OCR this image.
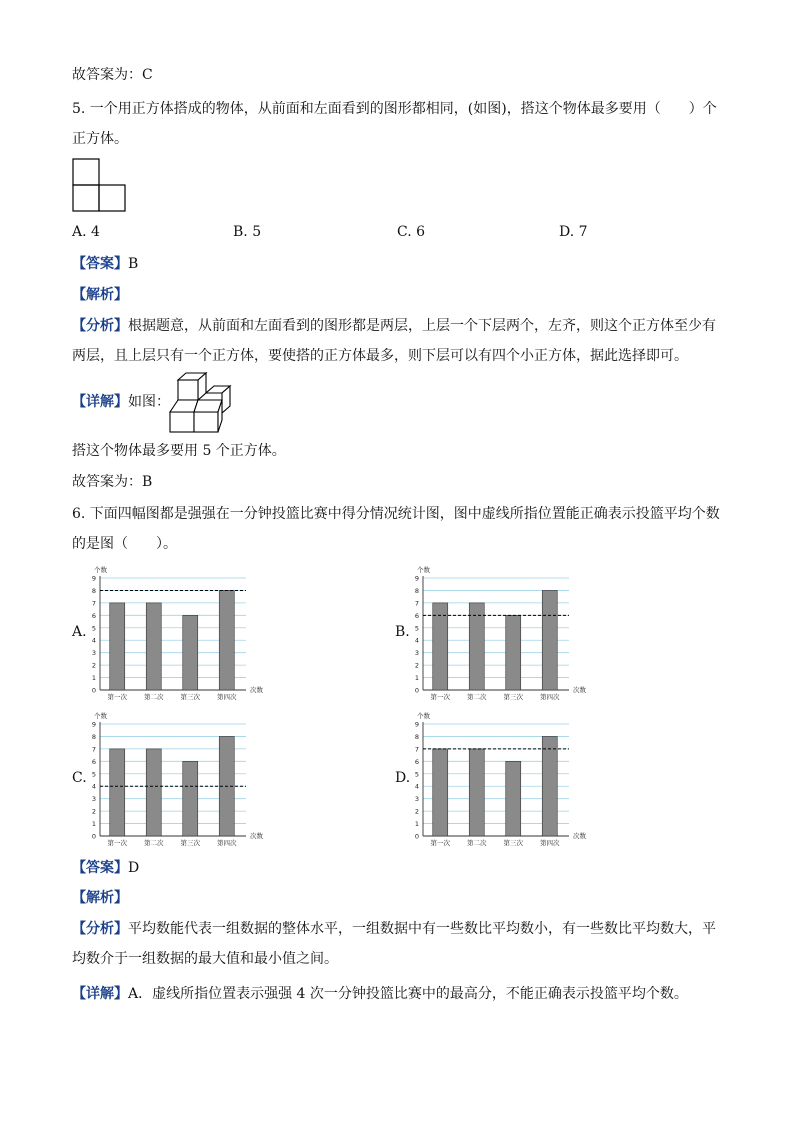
故答案为：C
5. 一个用正方体搭成的物体，从前面和左面看到的图形都相同，(如图)，搭这个物体最多要用（　　）个
正方体。
A. 4	B. 5	C. 6	D. 7
【答案】B
【解析】
【分析】根据题意，从前面和左面看到的图形都是两层，上层一个下层两个，左齐，则这个正方体至少有
两层，且上层只有一个正方体，要使搭的正方体最多，则下层可以有四个小正方体，据此选择即可。
【详解】如图：
搭这个物体最多要用 5 个正方体。
故答案为：B
6. 下面四幅图都是强强在一分钟投篮比赛中得分情况统计图，图中虚线所指位置能正确表示投篮平均个数
的是图（　　）。
A.	B.
C.	D.
0
1
2
3
4
5
6
7
8
9
个数
次数
第一次	第二次	第三次	第四次
0
1
2
3
4
5
6
7
8
9
个数
次数
第一次	第二次	第三次	第四次
0
1
2
3
4
5
6
7
8
9
个数
次数
第一次	第二次	第三次	第四次
0
1
2
3
4
5
6
7
8
9
个数
次数
第一次	第二次	第三次	第四次
【答案】D
【解析】
【分析】平均数能代表一组数据的整体水平，一组数据中有一些数比平均数小，有一些数比平均数大，平
均数介于一组数据的最大值和最小值之间。
【详解】A．虚线所指位置表示强强 4 次一分钟投篮比赛中的最高分，不能正确表示投篮平均个数。
